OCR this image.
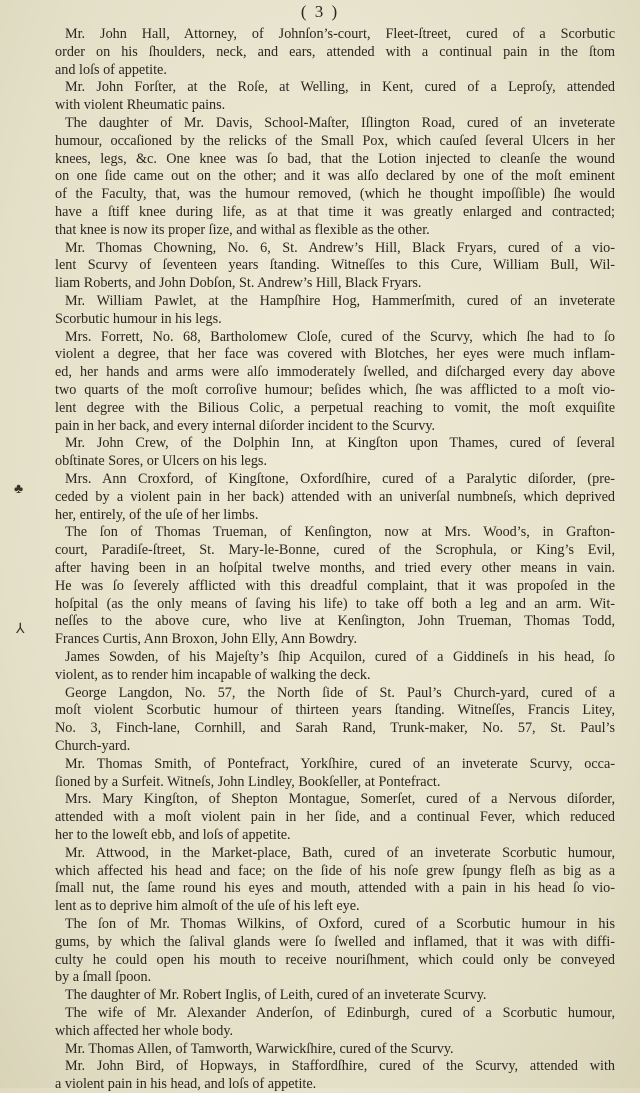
( 3 )
Mr. John Hall, Attorney, of Johnſon’s-court, Fleet-ſtreet, cured of a Scorbutic
order on his ſhoulders, neck, and ears, attended with a continual pain in the ſtom
and loſs of appetite.
Mr. John Forſter, at the Roſe, at Welling, in Kent, cured of a Leproſy, attended
with violent Rheumatic pains.
The daughter of Mr. Davis, School-Maſter, Iſlington Road, cured of an inveterate
humour, occaſioned by the relicks of the Small Pox, which cauſed ſeveral Ulcers in her
knees, legs, &c. One knee was ſo bad, that the Lotion injected to cleanſe the wound
on one ſide came out on the other; and it was alſo declared by one of the moſt eminent
of the Faculty, that, was the humour removed, (which he thought impoſſible) ſhe would
have a ſtiff knee during life, as at that time it was greatly enlarged and contracted;
that knee is now its proper ſize, and withal as flexible as the other.
Mr. Thomas Chowning, No. 6, St. Andrew’s Hill, Black Fryars, cured of a vio-
lent Scurvy of ſeventeen years ſtanding. Witneſſes to this Cure, William Bull, Wil-
liam Roberts, and John Dobſon, St. Andrew’s Hill, Black Fryars.
Mr. William Pawlet, at the Hampſhire Hog, Hammerſmith, cured of an inveterate
Scorbutic humour in his legs.
Mrs. Forrett, No. 68, Bartholomew Cloſe, cured of the Scurvy, which ſhe had to ſo
violent a degree, that her face was covered with Blotches, her eyes were much inflam-
ed, her hands and arms were alſo immoderately ſwelled, and diſcharged every day above
two quarts of the moſt corroſive humour; beſides which, ſhe was afflicted to a moſt vio-
lent degree with the Bilious Colic, a perpetual reaching to vomit, the moſt exquiſite
pain in her back, and every internal diſorder incident to the Scurvy.
Mr. John Crew, of the Dolphin Inn, at Kingſton upon Thames, cured of ſeveral
obſtinate Sores, or Ulcers on his legs.
Mrs. Ann Croxford, of Kingſtone, Oxfordſhire, cured of a Paralytic diſorder, (pre-
ceded by a violent pain in her back) attended with an univerſal numbneſs, which deprived
her, entirely, of the uſe of her limbs.
The ſon of Thomas Trueman, of Kenſington, now at Mrs. Wood’s, in Grafton-
court, Paradiſe-ſtreet, St. Mary-le-Bonne, cured of the Scrophula, or King’s Evil,
after having been in an hoſpital twelve months, and tried every other means in vain.
He was ſo ſeverely afflicted with this dreadful complaint, that it was propoſed in the
hoſpital (as the only means of ſaving his life) to take off both a leg and an arm. Wit-
neſſes to the above cure, who live at Kenſington, John Trueman, Thomas Todd,
Frances Curtis, Ann Broxon, John Elly, Ann Bowdry.
James Sowden, of his Majeſty’s ſhip Acquilon, cured of a Giddineſs in his head, ſo
violent, as to render him incapable of walking the deck.
George Langdon, No. 57, the North ſide of St. Paul’s Church-yard, cured of a
moſt violent Scorbutic humour of thirteen years ſtanding. Witneſſes, Francis Litey,
No. 3, Finch-lane, Cornhill, and Sarah Rand, Trunk-maker, No. 57, St. Paul’s
Church-yard.
Mr. Thomas Smith, of Pontefract, Yorkſhire, cured of an inveterate Scurvy, occa-
ſioned by a Surfeit. Witneſs, John Lindley, Bookſeller, at Pontefract.
Mrs. Mary Kingſton, of Shepton Montague, Somerſet, cured of a Nervous diſorder,
attended with a moſt violent pain in her ſide, and a continual Fever, which reduced
her to the loweſt ebb, and loſs of appetite.
Mr. Attwood, in the Market-place, Bath, cured of an inveterate Scorbutic humour,
which affected his head and face; on the ſide of his noſe grew ſpungy fleſh as big as a
ſmall nut, the ſame round his eyes and mouth, attended with a pain in his head ſo vio-
lent as to deprive him almoſt of the uſe of his left eye.
The ſon of Mr. Thomas Wilkins, of Oxford, cured of a Scorbutic humour in his
gums, by which the ſalival glands were ſo ſwelled and inflamed, that it was with diffi-
culty he could open his mouth to receive nouriſhment, which could only be conveyed
by a ſmall ſpoon.
The daughter of Mr. Robert Inglis, of Leith, cured of an inveterate Scurvy.
The wife of Mr. Alexander Anderſon, of Edinburgh, cured of a Scorbutic humour,
which affected her whole body.
Mr. Thomas Allen, of Tamworth, Warwickſhire, cured of the Scurvy.
Mr. John Bird, of Hopways, in Staffordſhire, cured of the Scurvy, attended with
a violent pain in his head, and loſs of appetite.
♣
⅄
